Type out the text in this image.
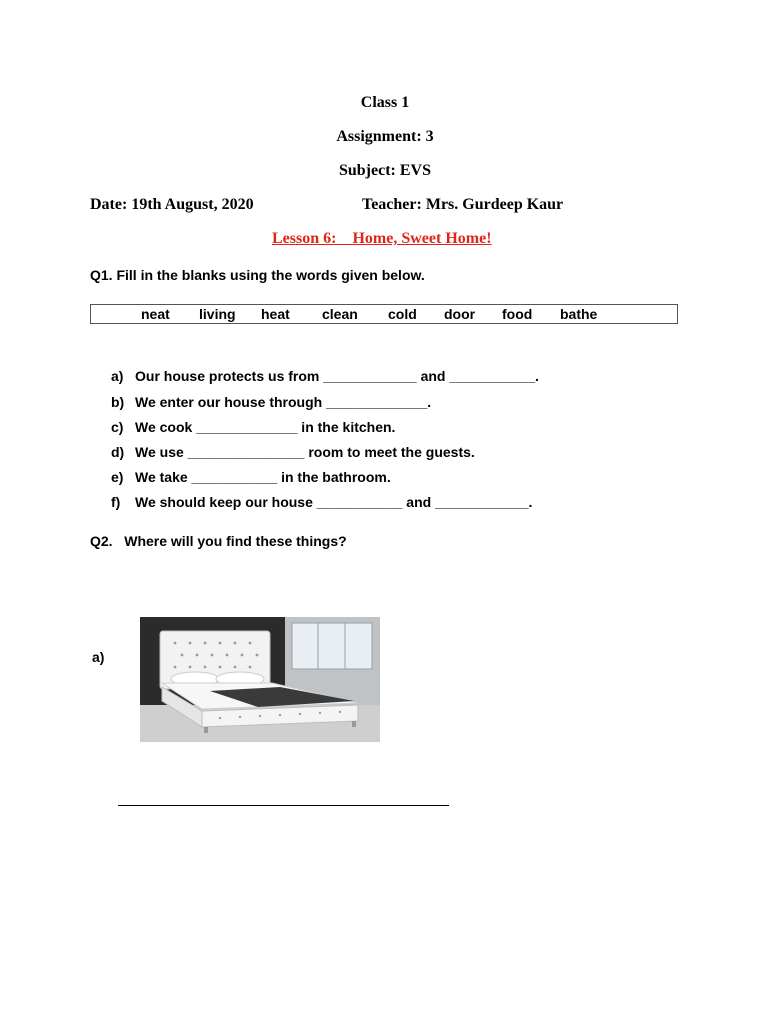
Class 1
Assignment: 3
Subject: EVS
Date: 19th August, 2020	Teacher: Mrs. Gurdeep Kaur
Lesson 6:    Home, Sweet Home!
Q1. Fill in the blanks using the words given below.
neat living heat clean cold door food bathe
a) Our house protects us from ____________ and ___________.
b) We enter our house through _____________.
c) We cook _____________ in the kitchen.
d) We use _______________ room to meet the guests.
e) We take ___________ in the bathroom.
f) We should keep our house ___________ and ____________.
Q2.   Where will you find these things?
a)
